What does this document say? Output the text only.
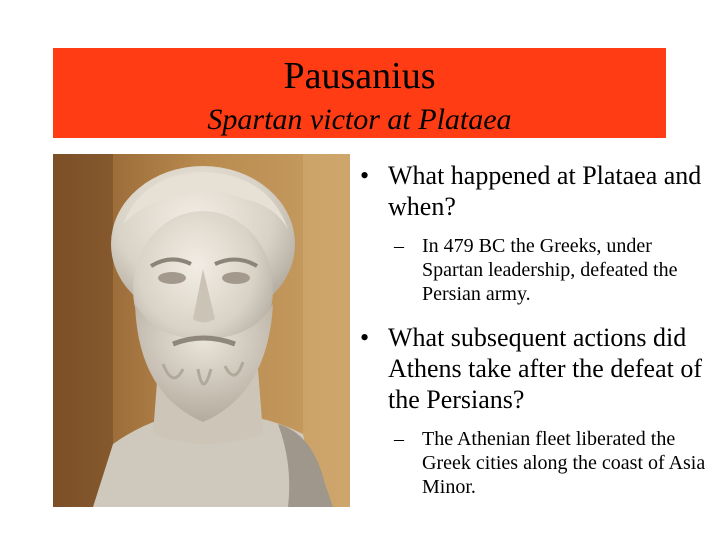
Pausanius
Spartan victor at Plataea
• What happened at Plataea and when?
– In 479 BC the Greeks, under Spartan leadership, defeated the Persian army.
• What subsequent actions did Athens take after the defeat of the Persians?
– The Athenian fleet liberated the Greek cities along the coast of Asia Minor.
